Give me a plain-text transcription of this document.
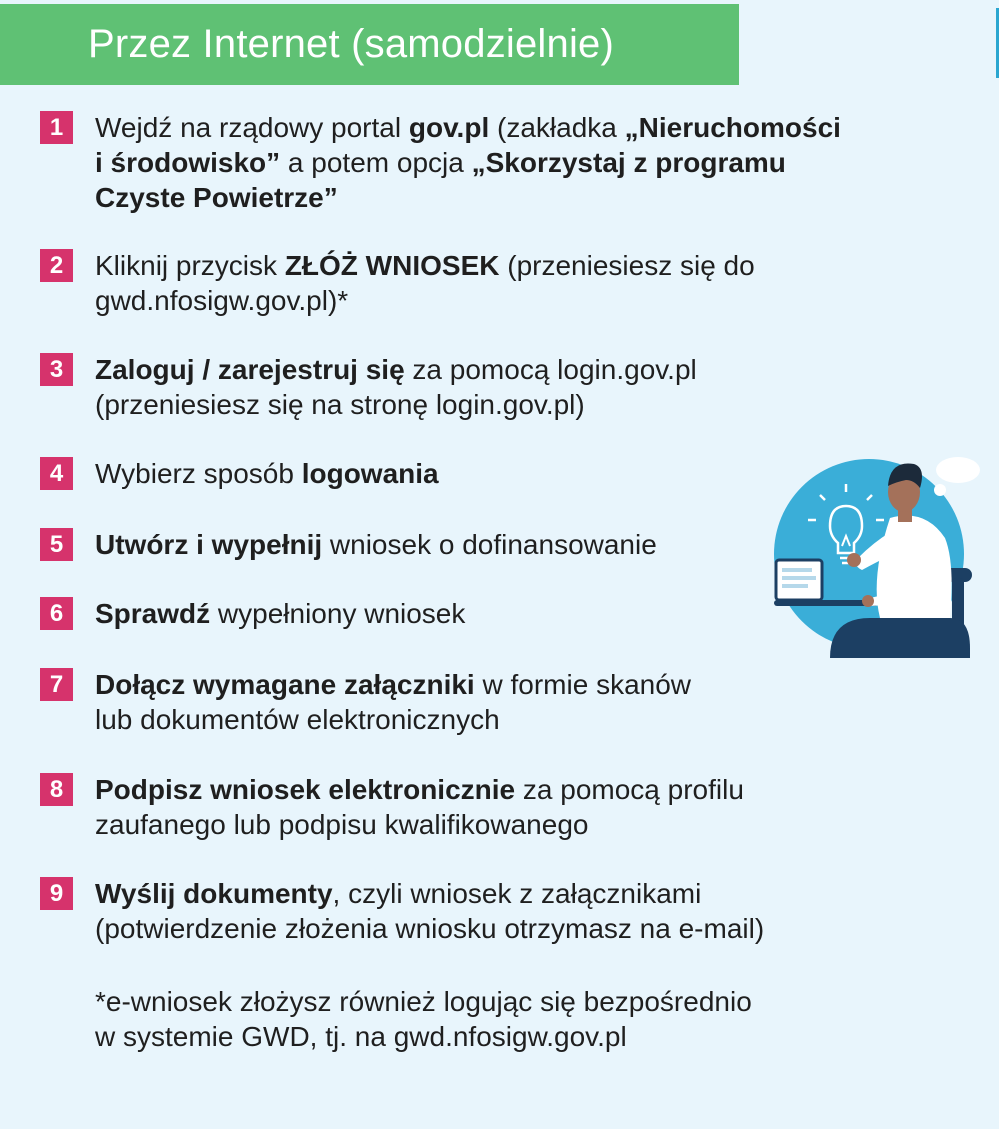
Przez Internet (samodzielnie)
1	Wejdź na rządowy portal gov.pl (zakładka „Nieruchomości
i środowisko” a potem opcja „Skorzystaj z programu
Czyste Powietrze”
2	Kliknij przycisk ZŁÓŻ WNIOSEK (przeniesiesz się do
gwd.nfosigw.gov.pl)*
3	Zaloguj / zarejestruj się za pomocą login.gov.pl
(przeniesiesz się na stronę login.gov.pl)
4	Wybierz sposób logowania
5	Utwórz i wypełnij wniosek o dofinansowanie
6	Sprawdź wypełniony wniosek
7	Dołącz wymagane załączniki w formie skanów
lub dokumentów elektronicznych
8	Podpisz wniosek elektronicznie za pomocą profilu
zaufanego lub podpisu kwalifikowanego
9	Wyślij dokumenty, czyli wniosek z załącznikami
(potwierdzenie złożenia wniosku otrzymasz na e-mail)
*e-wniosek złożysz również logując się bezpośrednio
w systemie GWD, tj. na gwd.nfosigw.gov.pl
